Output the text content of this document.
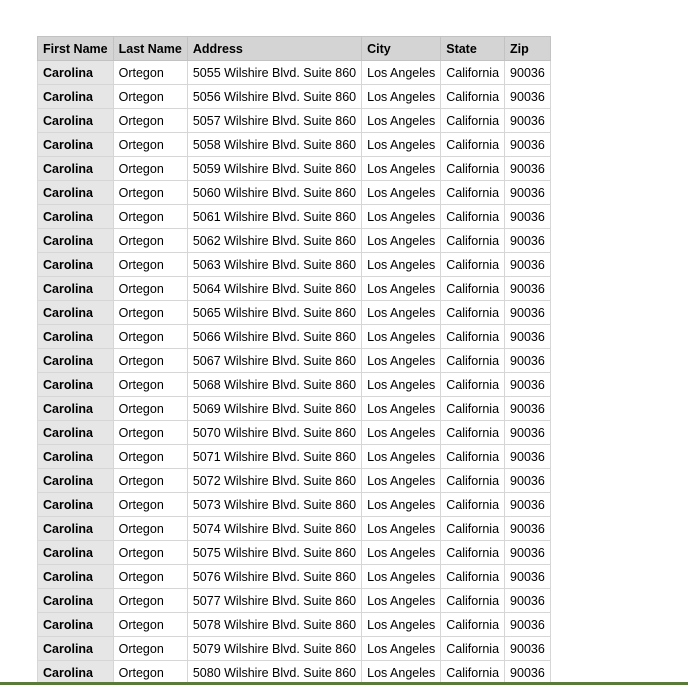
First Name	Last Name	Address	City	State	Zip
Carolina	Ortegon	5055 Wilshire Blvd. Suite 860	Los Angeles	California	90036
Carolina	Ortegon	5056 Wilshire Blvd. Suite 860	Los Angeles	California	90036
Carolina	Ortegon	5057 Wilshire Blvd. Suite 860	Los Angeles	California	90036
Carolina	Ortegon	5058 Wilshire Blvd. Suite 860	Los Angeles	California	90036
Carolina	Ortegon	5059 Wilshire Blvd. Suite 860	Los Angeles	California	90036
Carolina	Ortegon	5060 Wilshire Blvd. Suite 860	Los Angeles	California	90036
Carolina	Ortegon	5061 Wilshire Blvd. Suite 860	Los Angeles	California	90036
Carolina	Ortegon	5062 Wilshire Blvd. Suite 860	Los Angeles	California	90036
Carolina	Ortegon	5063 Wilshire Blvd. Suite 860	Los Angeles	California	90036
Carolina	Ortegon	5064 Wilshire Blvd. Suite 860	Los Angeles	California	90036
Carolina	Ortegon	5065 Wilshire Blvd. Suite 860	Los Angeles	California	90036
Carolina	Ortegon	5066 Wilshire Blvd. Suite 860	Los Angeles	California	90036
Carolina	Ortegon	5067 Wilshire Blvd. Suite 860	Los Angeles	California	90036
Carolina	Ortegon	5068 Wilshire Blvd. Suite 860	Los Angeles	California	90036
Carolina	Ortegon	5069 Wilshire Blvd. Suite 860	Los Angeles	California	90036
Carolina	Ortegon	5070 Wilshire Blvd. Suite 860	Los Angeles	California	90036
Carolina	Ortegon	5071 Wilshire Blvd. Suite 860	Los Angeles	California	90036
Carolina	Ortegon	5072 Wilshire Blvd. Suite 860	Los Angeles	California	90036
Carolina	Ortegon	5073 Wilshire Blvd. Suite 860	Los Angeles	California	90036
Carolina	Ortegon	5074 Wilshire Blvd. Suite 860	Los Angeles	California	90036
Carolina	Ortegon	5075 Wilshire Blvd. Suite 860	Los Angeles	California	90036
Carolina	Ortegon	5076 Wilshire Blvd. Suite 860	Los Angeles	California	90036
Carolina	Ortegon	5077 Wilshire Blvd. Suite 860	Los Angeles	California	90036
Carolina	Ortegon	5078 Wilshire Blvd. Suite 860	Los Angeles	California	90036
Carolina	Ortegon	5079 Wilshire Blvd. Suite 860	Los Angeles	California	90036
Carolina	Ortegon	5080 Wilshire Blvd. Suite 860	Los Angeles	California	90036
